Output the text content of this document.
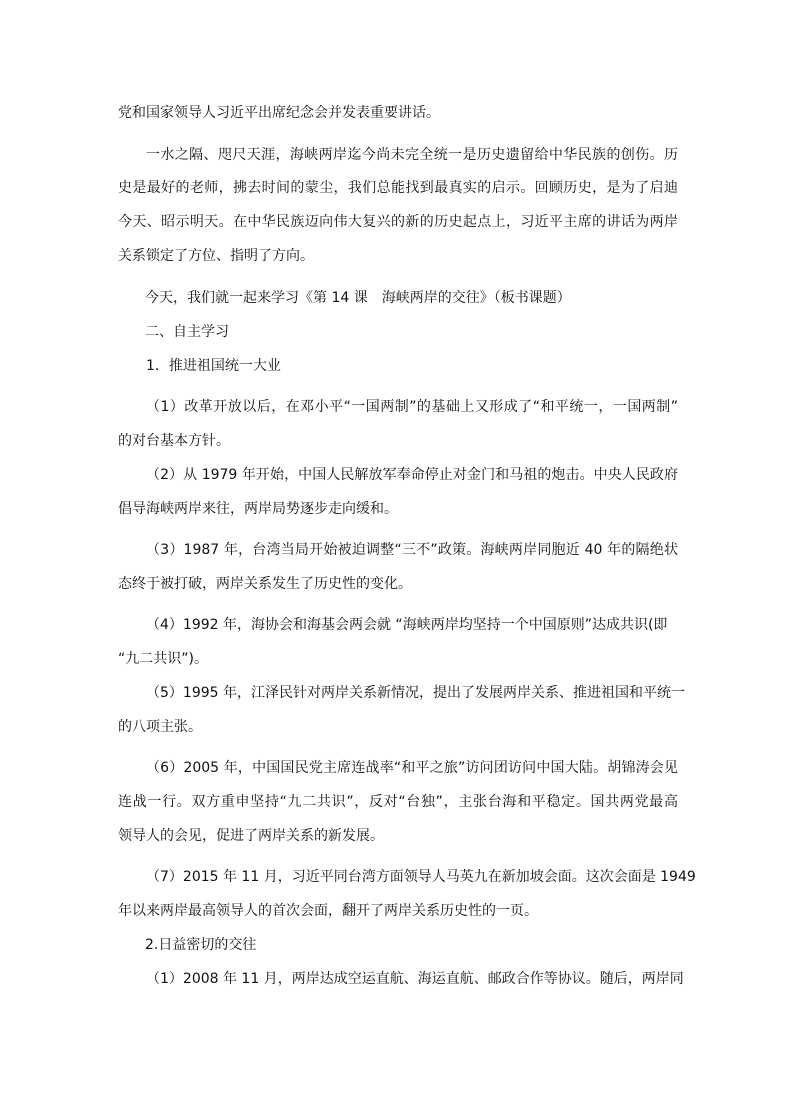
党和国家领导人习近平出席纪念会并发表重要讲话。
一水之隔、咫尺天涯，海峡两岸迄今尚未完全统一是历史遗留给中华民族的创伤。历
史是最好的老师，拂去时间的蒙尘，我们总能找到最真实的启示。回顾历史，是为了启迪
今天、昭示明天。在中华民族迈向伟大复兴的新的历史起点上，习近平主席的讲话为两岸
关系锁定了方位、指明了方向。
今天，我们就一起来学习《第 14 课　海峡两岸的交往》（板书课题）
二、自主学习
1．推进祖国统一大业
（1）改革开放以后，在邓小平“一国两制”的基础上又形成了“和平统一，一国两制”
的对台基本方针。
（2）从 1979 年开始，中国人民解放军奉命停止对金门和马祖的炮击。中央人民政府
倡导海峡两岸来往，两岸局势逐步走向缓和。
（3）1987 年，台湾当局开始被迫调整“三不”政策。海峡两岸同胞近 40 年的隔绝状
态终于被打破，两岸关系发生了历史性的变化。
（4）1992 年，海协会和海基会两会就 “海峡两岸均坚持一个中国原则”达成共识(即
“九二共识”)。
（5）1995 年，江泽民针对两岸关系新情况，提出了发展两岸关系、推进祖国和平统一
的八项主张。
（6）2005 年，中国国民党主席连战率“和平之旅”访问团访问中国大陆。胡锦涛会见
连战一行。双方重申坚持“九二共识”，反对“台独”，主张台海和平稳定。国共两党最高
领导人的会见，促进了两岸关系的新发展。
（7）2015 年 11 月，习近平同台湾方面领导人马英九在新加坡会面。这次会面是 1949
年以来两岸最高领导人的首次会面，翻开了两岸关系历史性的一页。
2.日益密切的交往
（1）2008 年 11 月，两岸达成空运直航、海运直航、邮政合作等协议。随后，两岸同
